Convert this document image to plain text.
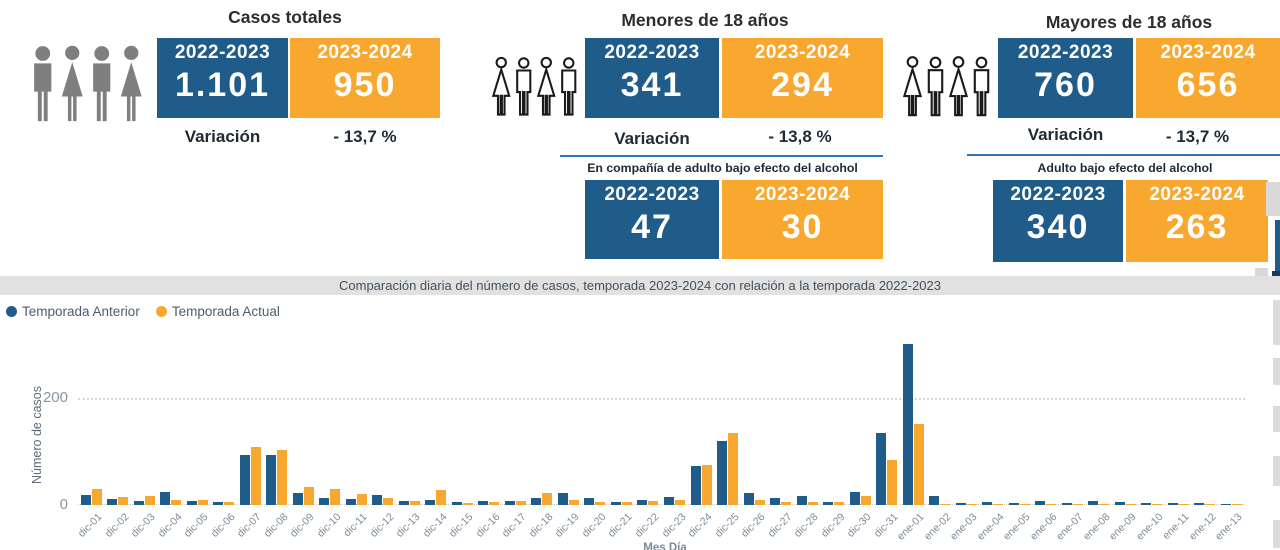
Casos totales
2022-2023
1.101
2023-2024
950
Variación	- 13,7 %
Menores de 18 años
2022-2023
341
2023-2024
294
Variación	- 13,8 %
En compañía de adulto bajo efecto del alcohol
2022-2023
47
2023-2024
30
Mayores de 18 años
2022-2023
760
2023-2024
656
Variación	- 13,7 %
Adulto bajo efecto del alcohol
2022-2023
340
2023-2024
263
Comparación diaria del número de casos, temporada 2023-2024 con relación a la temporada 2022-2023
Temporada Anterior Temporada Actual
200
0
Número de casos
Mes Día
dic-01
dic-02
dic-03
dic-04
dic-05
dic-06
dic-07
dic-08
dic-09
dic-10
dic-11
dic-12
dic-13
dic-14
dic-15
dic-16
dic-17
dic-18
dic-19
dic-20
dic-21
dic-22
dic-23
dic-24
dic-25
dic-26
dic-27
dic-28
dic-29
dic-30
dic-31
ene-01
ene-02
ene-03
ene-04
ene-05
ene-06
ene-07
ene-08
ene-09
ene-10
ene-11
ene-12
ene-13
